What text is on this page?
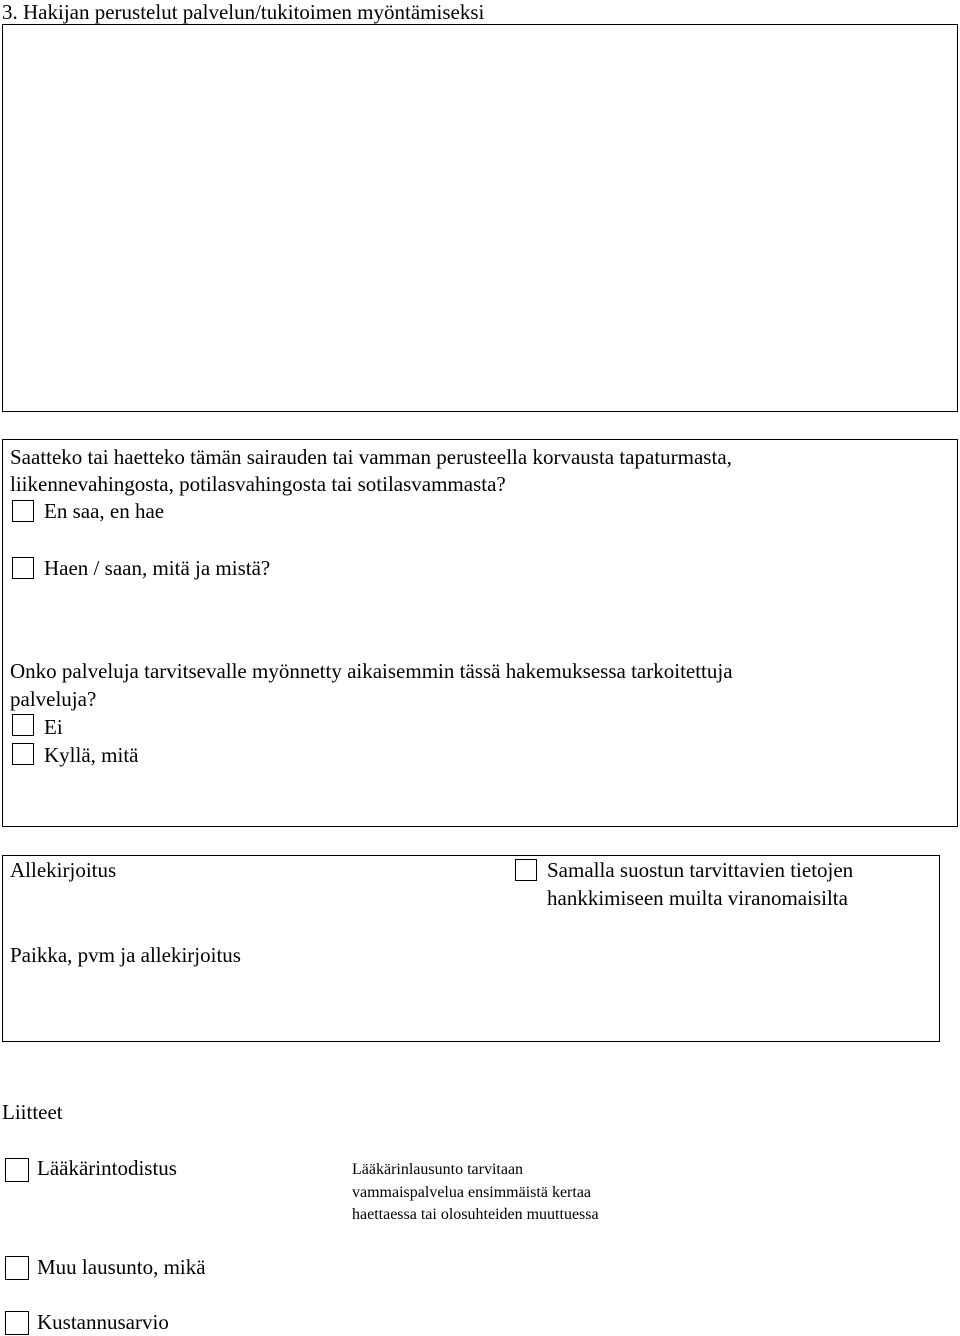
3. Hakijan perustelut palvelun/tukitoimen myöntämiseksi
Saatteko tai haetteko tämän sairauden tai vamman perusteella korvausta tapaturmasta,
liikennevahingosta, potilasvahingosta tai sotilasvammasta?
En saa, en hae
Haen / saan, mitä ja mistä?
Onko palveluja tarvitsevalle myönnetty aikaisemmin tässä hakemuksessa tarkoitettuja
palveluja?
Ei
Kyllä, mitä
Allekirjoitus	Samalla suostun tarvittavien tietojen
hankkimiseen muilta viranomaisilta
Paikka, pvm ja allekirjoitus
Liitteet
Lääkärintodistus	Lääkärinlausunto tarvitaan
vammaispalvelua ensimmäistä kertaa
haettaessa tai olosuhteiden muuttuessa
Muu lausunto, mikä
Kustannusarvio
